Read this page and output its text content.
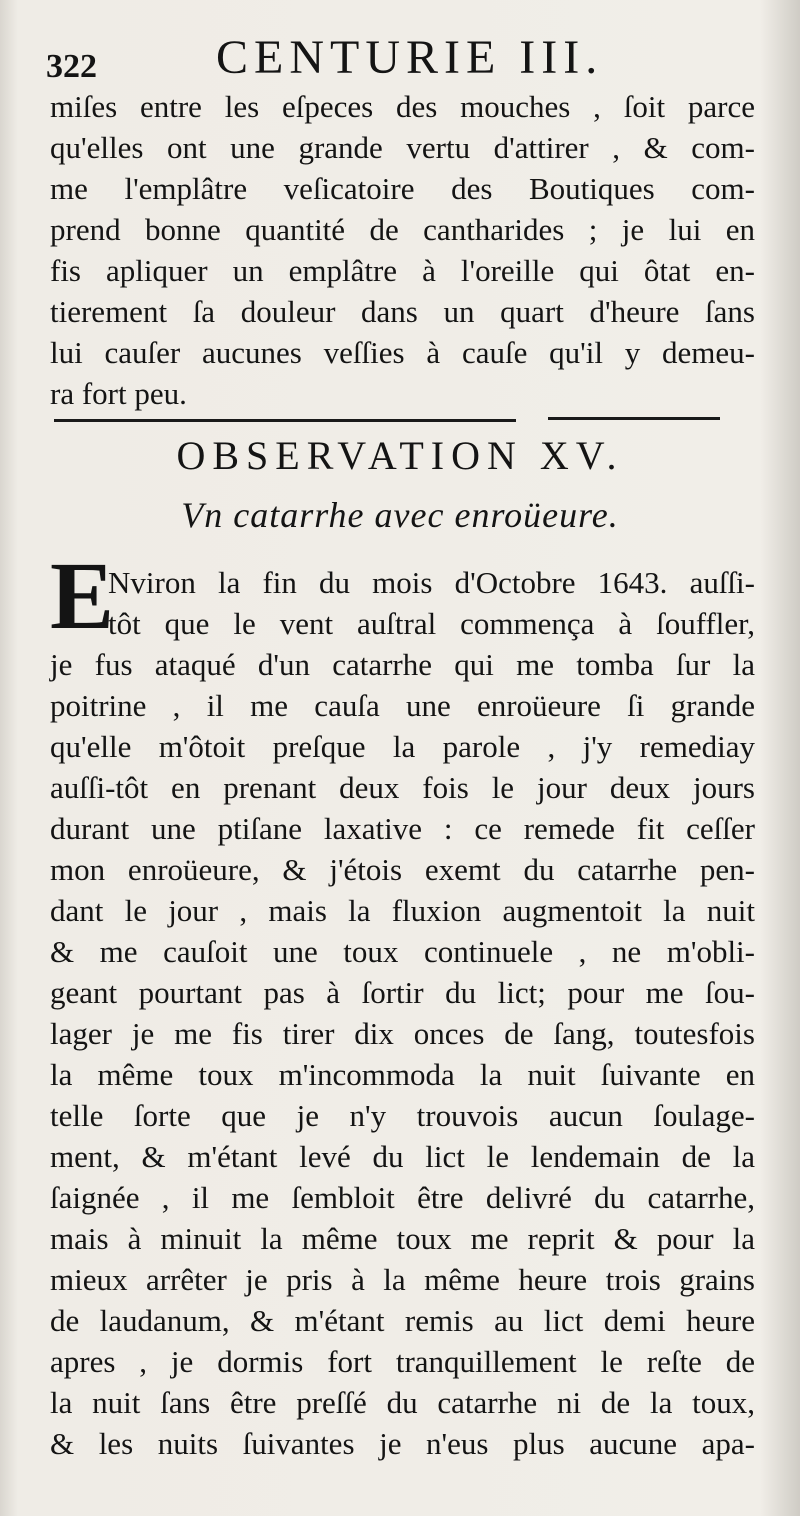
322 CENTURIE III.
miſes entre les eſpeces des mouches , ſoit parce
qu'elles ont une grande vertu d'attirer , & com-
me l'emplâtre veſicatoire des Boutiques com-
prend bonne quantité de cantharides ; je lui en
fis apliquer un emplâtre à l'oreille qui ôtat en-
tierement ſa douleur dans un quart d'heure ſans
lui cauſer aucunes veſſies à cauſe qu'il y demeu-
ra fort peu.
OBSERVATION XV.
Vn catarrhe avec enroüeure.
E
Nviron la fin du mois d'Octobre 1643. auſſi-
tôt que le vent auſtral commença à ſouffler,
je fus ataqué d'un catarrhe qui me tomba ſur la
poitrine , il me cauſa une enroüeure ſi grande
qu'elle m'ôtoit preſque la parole , j'y remediay
auſſi-tôt en prenant deux fois le jour deux jours
durant une ptiſane laxative : ce remede fit ceſſer
mon enroüeure, & j'étois exemt du catarrhe pen-
dant le jour , mais la fluxion augmentoit la nuit
& me cauſoit une toux continuele , ne m'obli-
geant pourtant pas à ſortir du lict; pour me ſou-
lager je me fis tirer dix onces de ſang, toutesfois
la même toux m'incommoda la nuit ſuivante en
telle ſorte que je n'y trouvois aucun ſoulage-
ment, & m'étant levé du lict le lendemain de la
ſaignée , il me ſembloit être delivré du catarrhe,
mais à minuit la même toux me reprit & pour la
mieux arrêter je pris à la même heure trois grains
de laudanum, & m'étant remis au lict demi heure
apres , je dormis fort tranquillement le reſte de
la nuit ſans être preſſé du catarrhe ni de la toux,
& les nuits ſuivantes je n'eus plus aucune apa-
